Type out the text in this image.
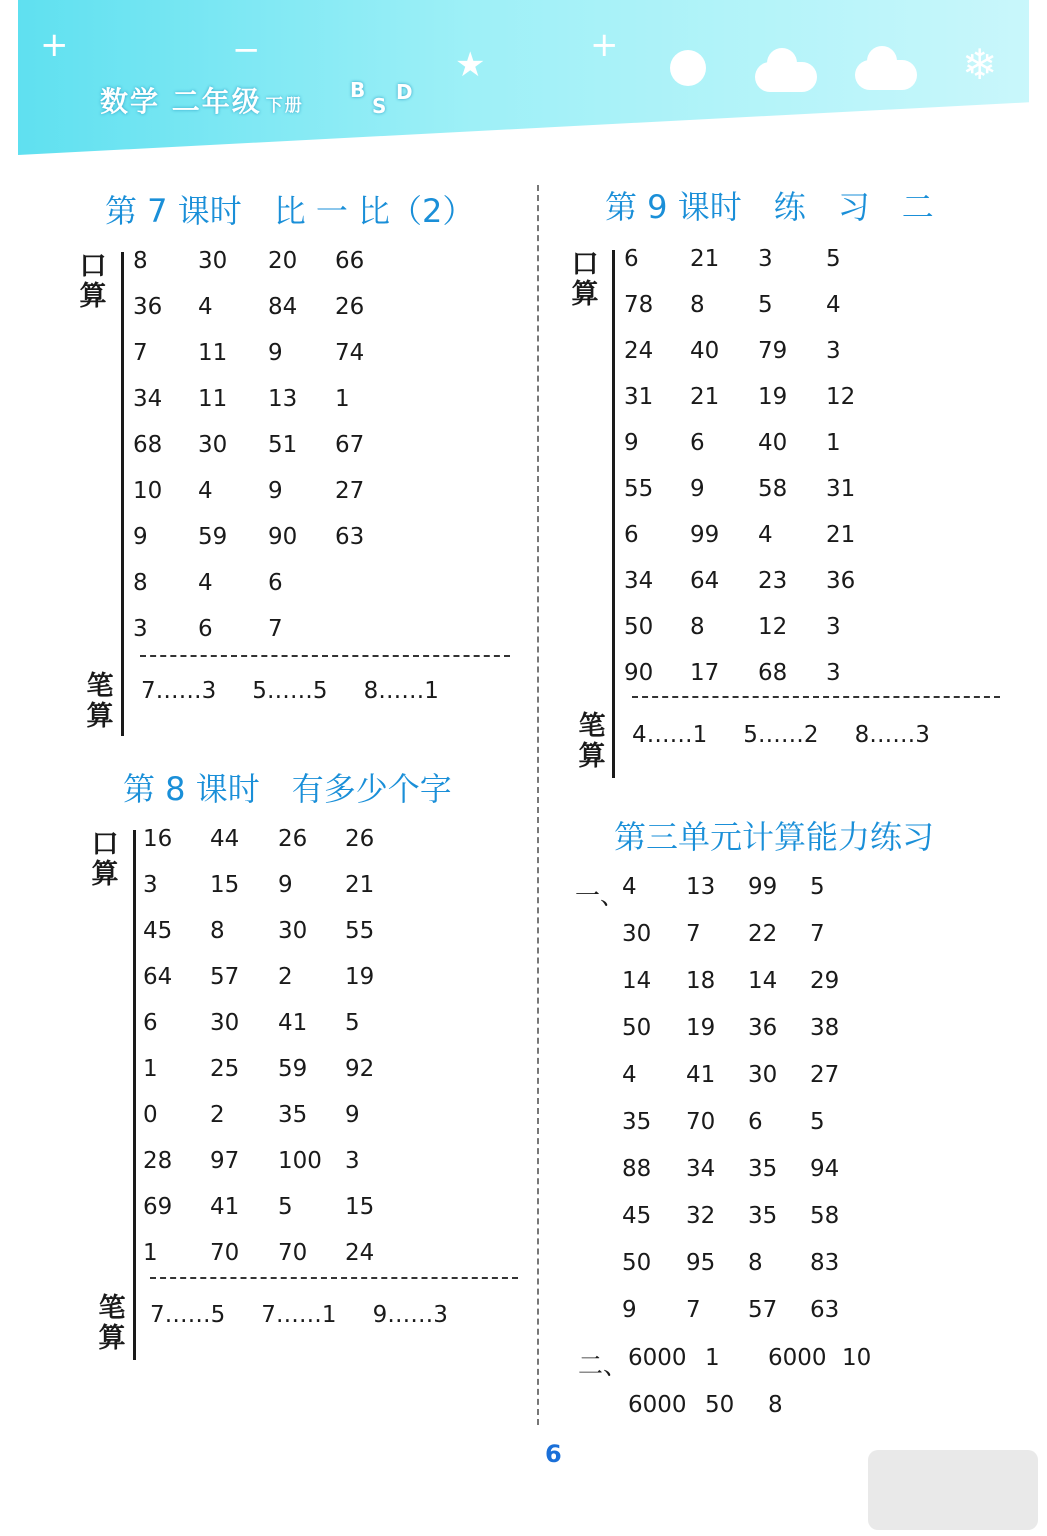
+	−	★	+	❄
数学 二年级 下册
B
S
D
第 7 课时　比 一 比（2）
口算
8 30 20 66
36 4 84 26
7 11 9 74
34 11 13 1
68 30 51 67
10 4 9 27
9 59 90 63
8 4 6
3 6 7
笔算
7……3 5……5 8……1
第 8 课时　有多少个字
口算
16 44 26 26
3 15 9 21
45 8 30 55
64 57 2 19
6 30 41 5
1 25 59 92
0 2 35 9
28 97 100 3
69 41 5 15
1 70 70 24
笔算
7……5 7……1 9……3
第 9 课时　练　习　二
口算
6 21 3 5
78 8 5 4
24 40 79 3
31 21 19 12
9 6 40 1
55 9 58 31
6 99 4 21
34 64 23 36
50 8 12 3
90 17 68 3
笔算
4……1 5……2 8……3
第三单元计算能力练习
一、
4 13 99 5
30 7 22 7
14 18 14 29
50 19 36 38
4 41 30 27
35 70 6 5
88 34 35 94
45 32 35 58
50 95 8 83
9 7 57 63
二、 6000 1 6000 10
6000 50 8
6
